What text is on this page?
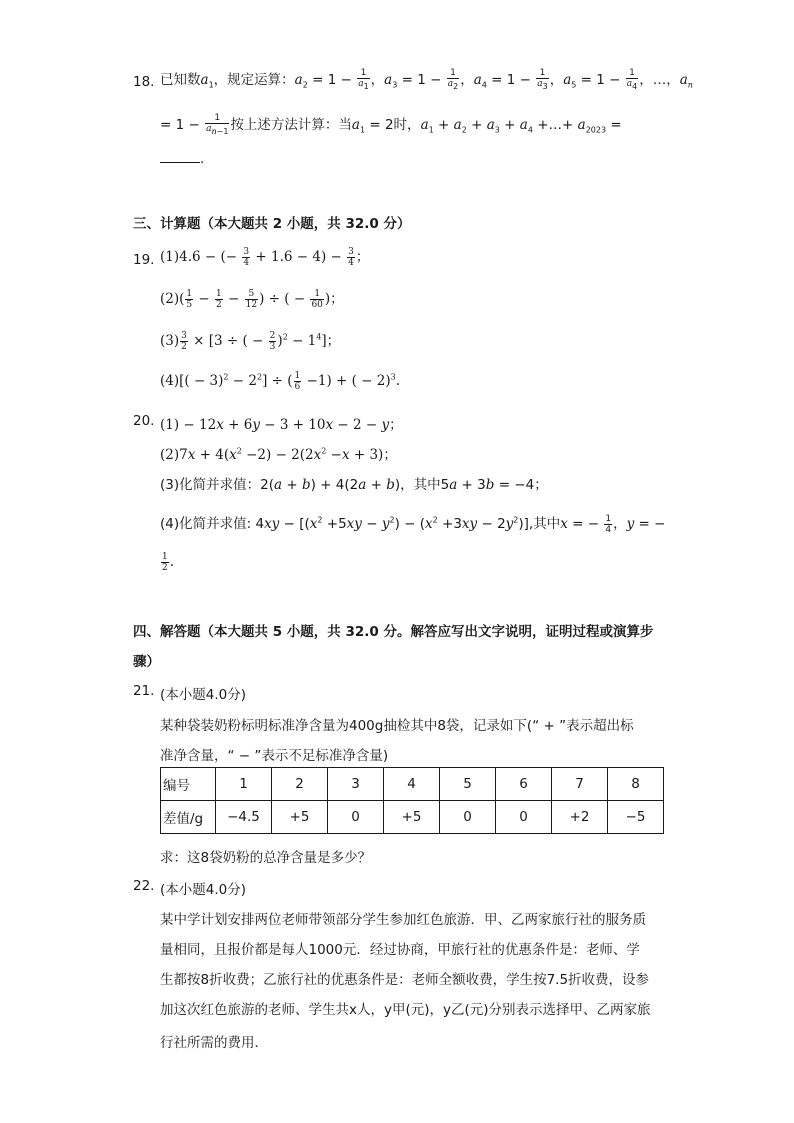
18. 已知数$a_1$，规定运算：$a_2 = 1 - \frac{1}{a_1}$ ，$a_3 = 1 - \frac{1}{a_2}$ ，$a_4 = 1 - \frac{1}{a_3}$ ，$a_5 = 1 - \frac{1}{a_4}$ ，…，$a_n$
= $1 - \frac{1}{a_{n-1}}$ 按上述方法计算：当$a_1 = 2$时，$a_1 + a_2 + a_3 + a_4$ +…+ $a_{2023}$ =
.
三、计算题（本大题共 2 小题，共 32.0 分）
19. (1)4.6 − (− $\frac{3}{4} + 1.6 - 4) - \frac{3}{4}$ ；
$(2)( \frac{1}{5} - \frac{1}{2} - \frac{5}{12}$ ) ÷ ( − $\frac{1}{60}$ )；
$(3) \frac{3}{2} \times [3$ ÷ ( − $\frac{2}{3} )^2 - 1^4$]；
$(4)[( - 3)^2 - 2^2]$ ÷ ( $\frac{1}{6} -1$) + ( − 2)$^3$.
20. (1) − 12x + 6y − 3 + 10x − 2 − y；
$(2)7x + 4(x^2 -2) - 2(2x^2 -x + 3)$；
(3)化简并求值：2(a + b) + 4(2a + b)，其中5a + 3b = −4；
(4)化简并求值: $4xy - [(x^2 +5xy - y^2) - (x^2 +3xy - 2y^2)]$,其中x = − $\frac{1}{4}$ ，y = −
$\frac{1}{2}$ .
四、解答题（本大题共 5 小题，共 32.0 分。解答应写出文字说明，证明过程或演算步
骤）
21. (本小题4.0分)
某种袋装奶粉标明标准净含量为400g抽检其中8袋，记录如下(“ + ”表示超出标
准净含量，“ − ”表示不足标准净含量)
编号	1	2	3	4	5	6	7	8
差值/g	−4.5	+5	0	+5	0	0	+2	−5
求：这8袋奶粉的总净含量是多少？
22. (本小题4.0分)
某中学计划安排两位老师带领部分学生参加红色旅游．甲、乙两家旅行社的服务质
量相同，且报价都是每人1000元．经过协商，甲旅行社的优惠条件是：老师、学
生都按8折收费；乙旅行社的优惠条件是：老师全额收费，学生按7.5折收费，设参
加这次红色旅游的老师、学生共x人，y甲(元)，y乙(元)分别表示选择甲、乙两家旅
行社所需的费用．
